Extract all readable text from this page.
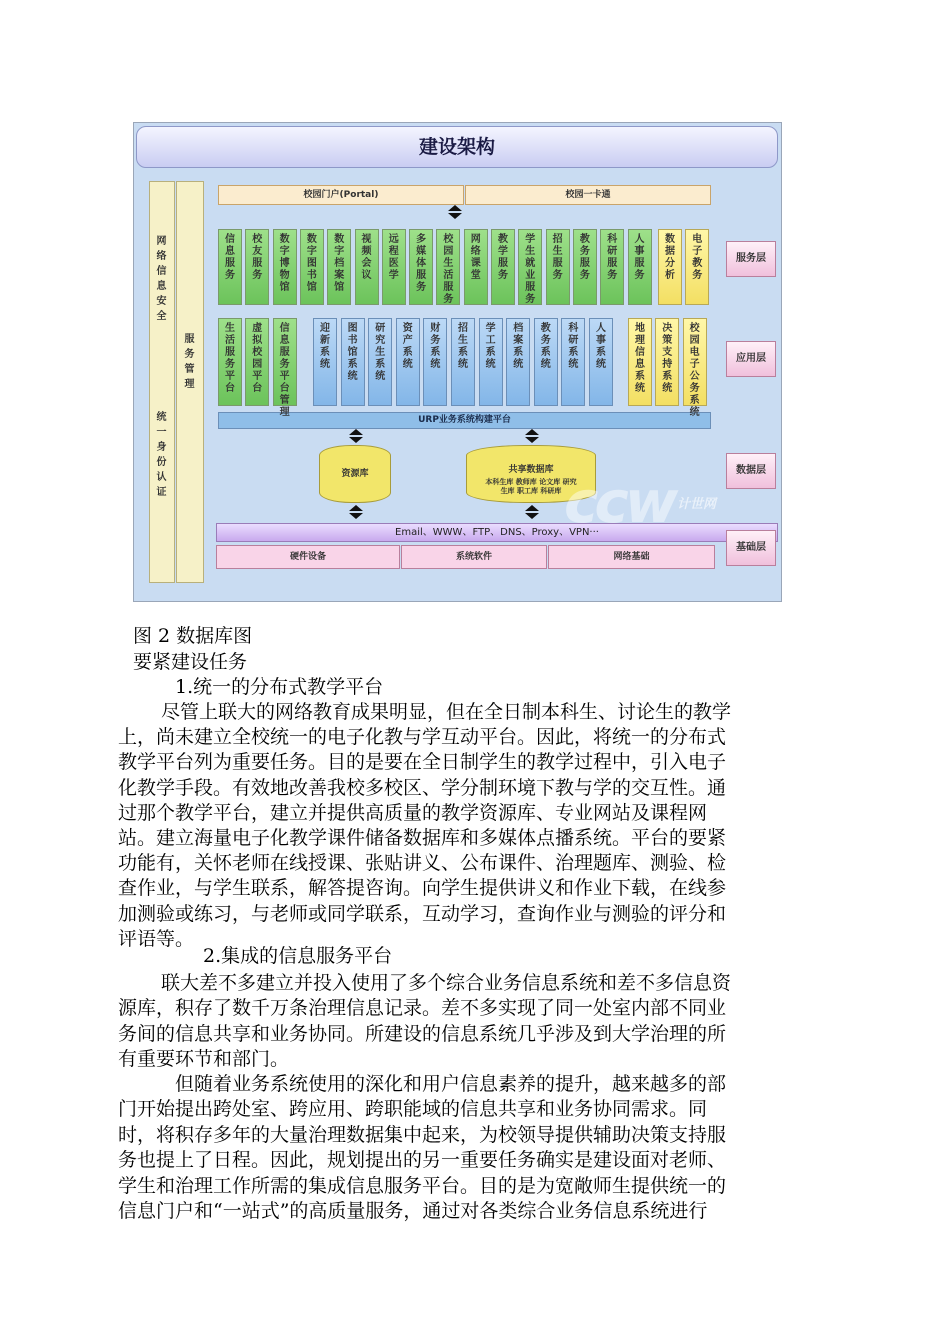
建设架构
网络信息安全
统一身份认证
服务管理
校园门户(Portal)	校园一卡通
URP业务系统构建平台
资源库	共享数据库
本科生库 教师库 论文库 研究生库 职工库 科研库
Email、WWW、FTP、DNS、Proxy、VPN···
硬件设备	系统软件	网络基础
服务层
应用层
数据层
基础层
ccw 计世网
信息服务
校友服务
数字博物馆
数字图书馆
数字档案馆
视频会议
远程医学
多媒体服务
校园生活服务
网络课堂
教学服务
学生就业服务
招生服务
教务服务
科研服务
人事服务
数据分析
电子教务
生活服务平台
虚拟校园平台
信息服务平台管理
迎新系统
图书馆系统
研究生系统
资产系统
财务系统
招生系统
学工系统
档案系统
教务系统
科研系统
人事系统
地理信息系统
决策支持系统
校园电子公务系统
图 2 数据库图
要紧建设任务
1.统一的分布式教学平台
尽管上联大的网络教育成果明显，但在全日制本科生、讨论生的教学
上，尚未建立全校统一的电子化教与学互动平台。因此，将统一的分布式
教学平台列为重要任务。目的是要在全日制学生的教学过程中，引入电子
化教学手段。有效地改善我校多校区、学分制环境下教与学的交互性。通
过那个教学平台，建立并提供高质量的教学资源库、专业网站及课程网
站。建立海量电子化教学课件储备数据库和多媒体点播系统。平台的要紧
功能有，关怀老师在线授课、张贴讲义、公布课件、治理题库、测验、检
查作业，与学生联系，解答提咨询。向学生提供讲义和作业下载，在线参
加测验或练习，与老师或同学联系，互动学习，查询作业与测验的评分和
评语等。
2.集成的信息服务平台
联大差不多建立并投入使用了多个综合业务信息系统和差不多信息资
源库，积存了数千万条治理信息记录。差不多实现了同一处室内部不同业
务间的信息共享和业务协同。所建设的信息系统几乎涉及到大学治理的所
有重要环节和部门。
但随着业务系统使用的深化和用户信息素养的提升，越来越多的部
门开始提出跨处室、跨应用、跨职能域的信息共享和业务协同需求。同
时，将积存多年的大量治理数据集中起来，为校领导提供辅助决策支持服
务也提上了日程。因此，规划提出的另一重要任务确实是建设面对老师、
学生和治理工作所需的集成信息服务平台。目的是为宽敞师生提供统一的
信息门户和“一站式”的高质量服务，通过对各类综合业务信息系统进行
